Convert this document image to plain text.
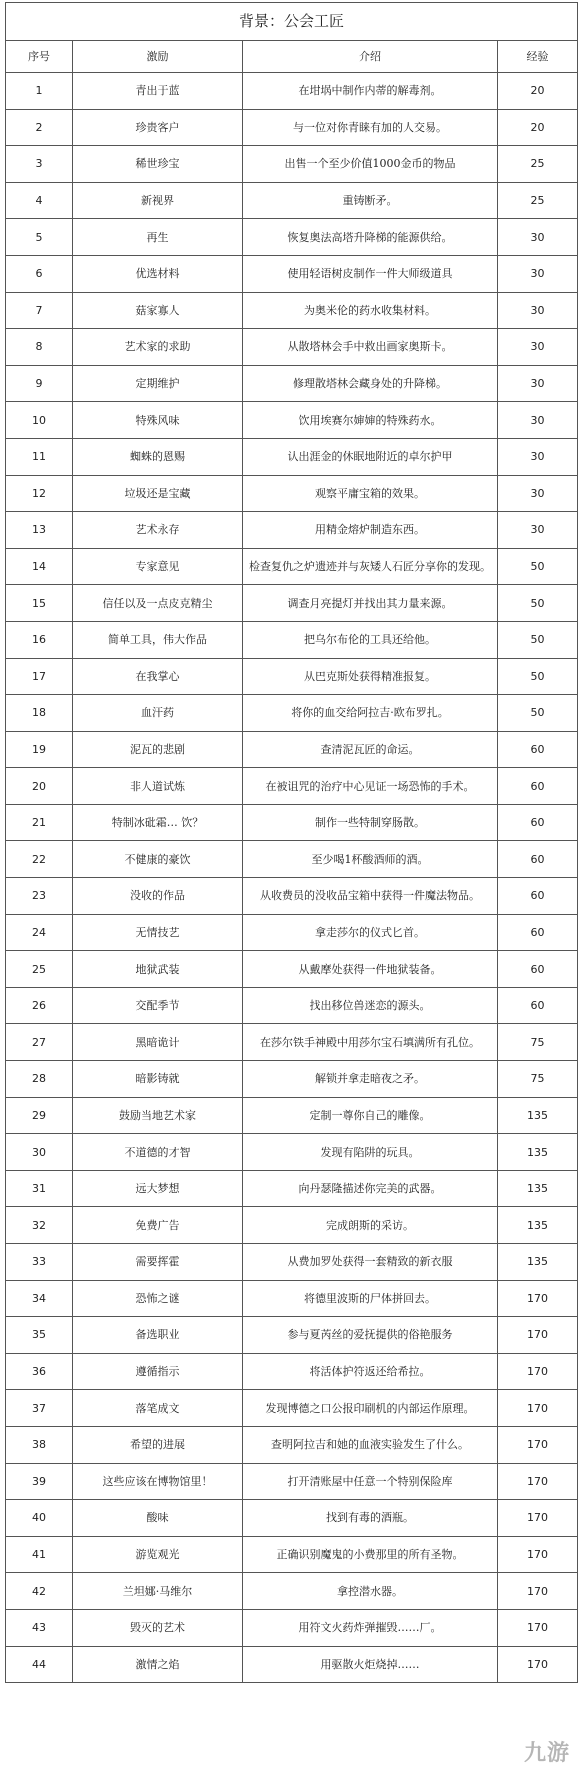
背景：公会工匠			
序号	激励	介绍	经验
1	青出于蓝	在坩埚中制作内蒂的解毒剂。	20
2	珍贵客户	与一位对你青睐有加的人交易。	20
3	稀世珍宝	出售一个至少价值1000金币的物品	25
4	新视界	重铸断矛。	25
5	再生	恢复奥法高塔升降梯的能源供给。	30
6	优选材料	使用轻语树皮制作一件大师级道具	30
7	菇家寡人	为奥米伦的药水收集材料。	30
8	艺术家的求助	从散塔林会手中救出画家奥斯卡。	30
9	定期维护	修理散塔林会藏身处的升降梯。	30
10	特殊风味	饮用埃赛尔婶婶的特殊药水。	30
11	蜘蛛的恩赐	认出涯金的休眠地附近的卓尔护甲	30
12	垃圾还是宝藏	观察平庸宝箱的效果。	30
13	艺术永存	用精金熔炉制造东西。	30
14	专家意见	检查复仇之炉遗迹并与灰矮人石匠分享你的发现。	50
15	信任以及一点皮克精尘	调查月亮提灯并找出其力量来源。	50
16	简单工具，伟大作品	把乌尔布伦的工具还给他。	50
17	在我掌心	从巴克斯处获得精准报复。	50
18	血汗药	将你的血交给阿拉吉·欧布罗扎。	50
19	泥瓦的悲剧	查清泥瓦匠的命运。	60
20	非人道试炼	在被诅咒的治疗中心见证一场恐怖的手术。	60
21	特制冰砒霜… 饮？	制作一些特制穿肠散。	60
22	不健康的豪饮	至少喝1杯酸酒师的酒。	60
23	没收的作品	从收费员的没收品宝箱中获得一件魔法物品。	60
24	无情技艺	拿走莎尔的仪式匕首。	60
25	地狱武装	从戴摩处获得一件地狱装备。	60
26	交配季节	找出移位兽迷恋的源头。	60
27	黑暗诡计	在莎尔铁手神殿中用莎尔宝石填满所有孔位。	75
28	暗影铸就	解锁并拿走暗夜之矛。	75
29	鼓励当地艺术家	定制一尊你自己的雕像。	135
30	不道德的才智	发现有陷阱的玩具。	135
31	远大梦想	向丹瑟隆描述你完美的武器。	135
32	免费广告	完成朗斯的采访。	135
33	需要挥霍	从费加罗处获得一套精致的新衣服	135
34	恐怖之谜	将德里波斯的尸体拼回去。	170
35	备选职业	参与夏芮丝的爱抚提供的俗艳服务	170
36	遵循指示	将活体护符返还给希拉。	170
37	落笔成文	发现博德之口公报印刷机的内部运作原理。	170
38	希望的进展	查明阿拉吉和她的血液实验发生了什么。	170
39	这些应该在博物馆里！	打开清账屋中任意一个特别保险库	170
40	酸味	找到有毒的酒瓶。	170
41	游览观光	正确识别魔鬼的小费那里的所有圣物。	170
42	兰坦娜·马维尔	拿控潜水器。	170
43	毁灭的艺术	用符文火药炸弹摧毁……厂。	170
44	激情之焰	用驱散火炬烧掉……	170
九游
